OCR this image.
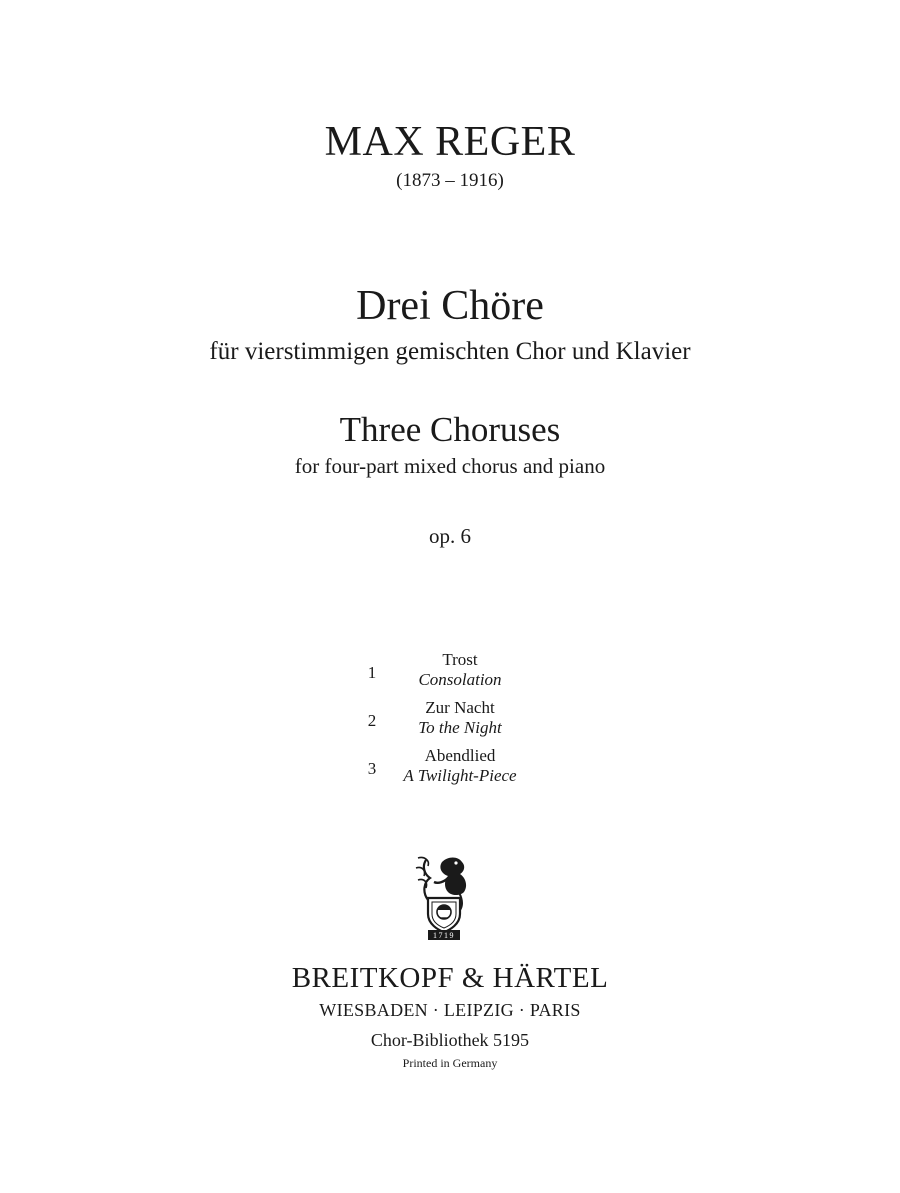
MAX REGER
(1873 – 1916)
Drei Chöre
für vierstimmigen gemischten Chor und Klavier
Three Choruses
for four-part mixed chorus and piano
op. 6
1
Trost
Consolation
2
Zur Nacht
To the Night
3
Abendlied
A Twilight-Piece
1719
BREITKOPF & HÄRTEL
WIESBADEN · LEIPZIG · PARIS
Chor-Bibliothek 5195
Printed in Germany
